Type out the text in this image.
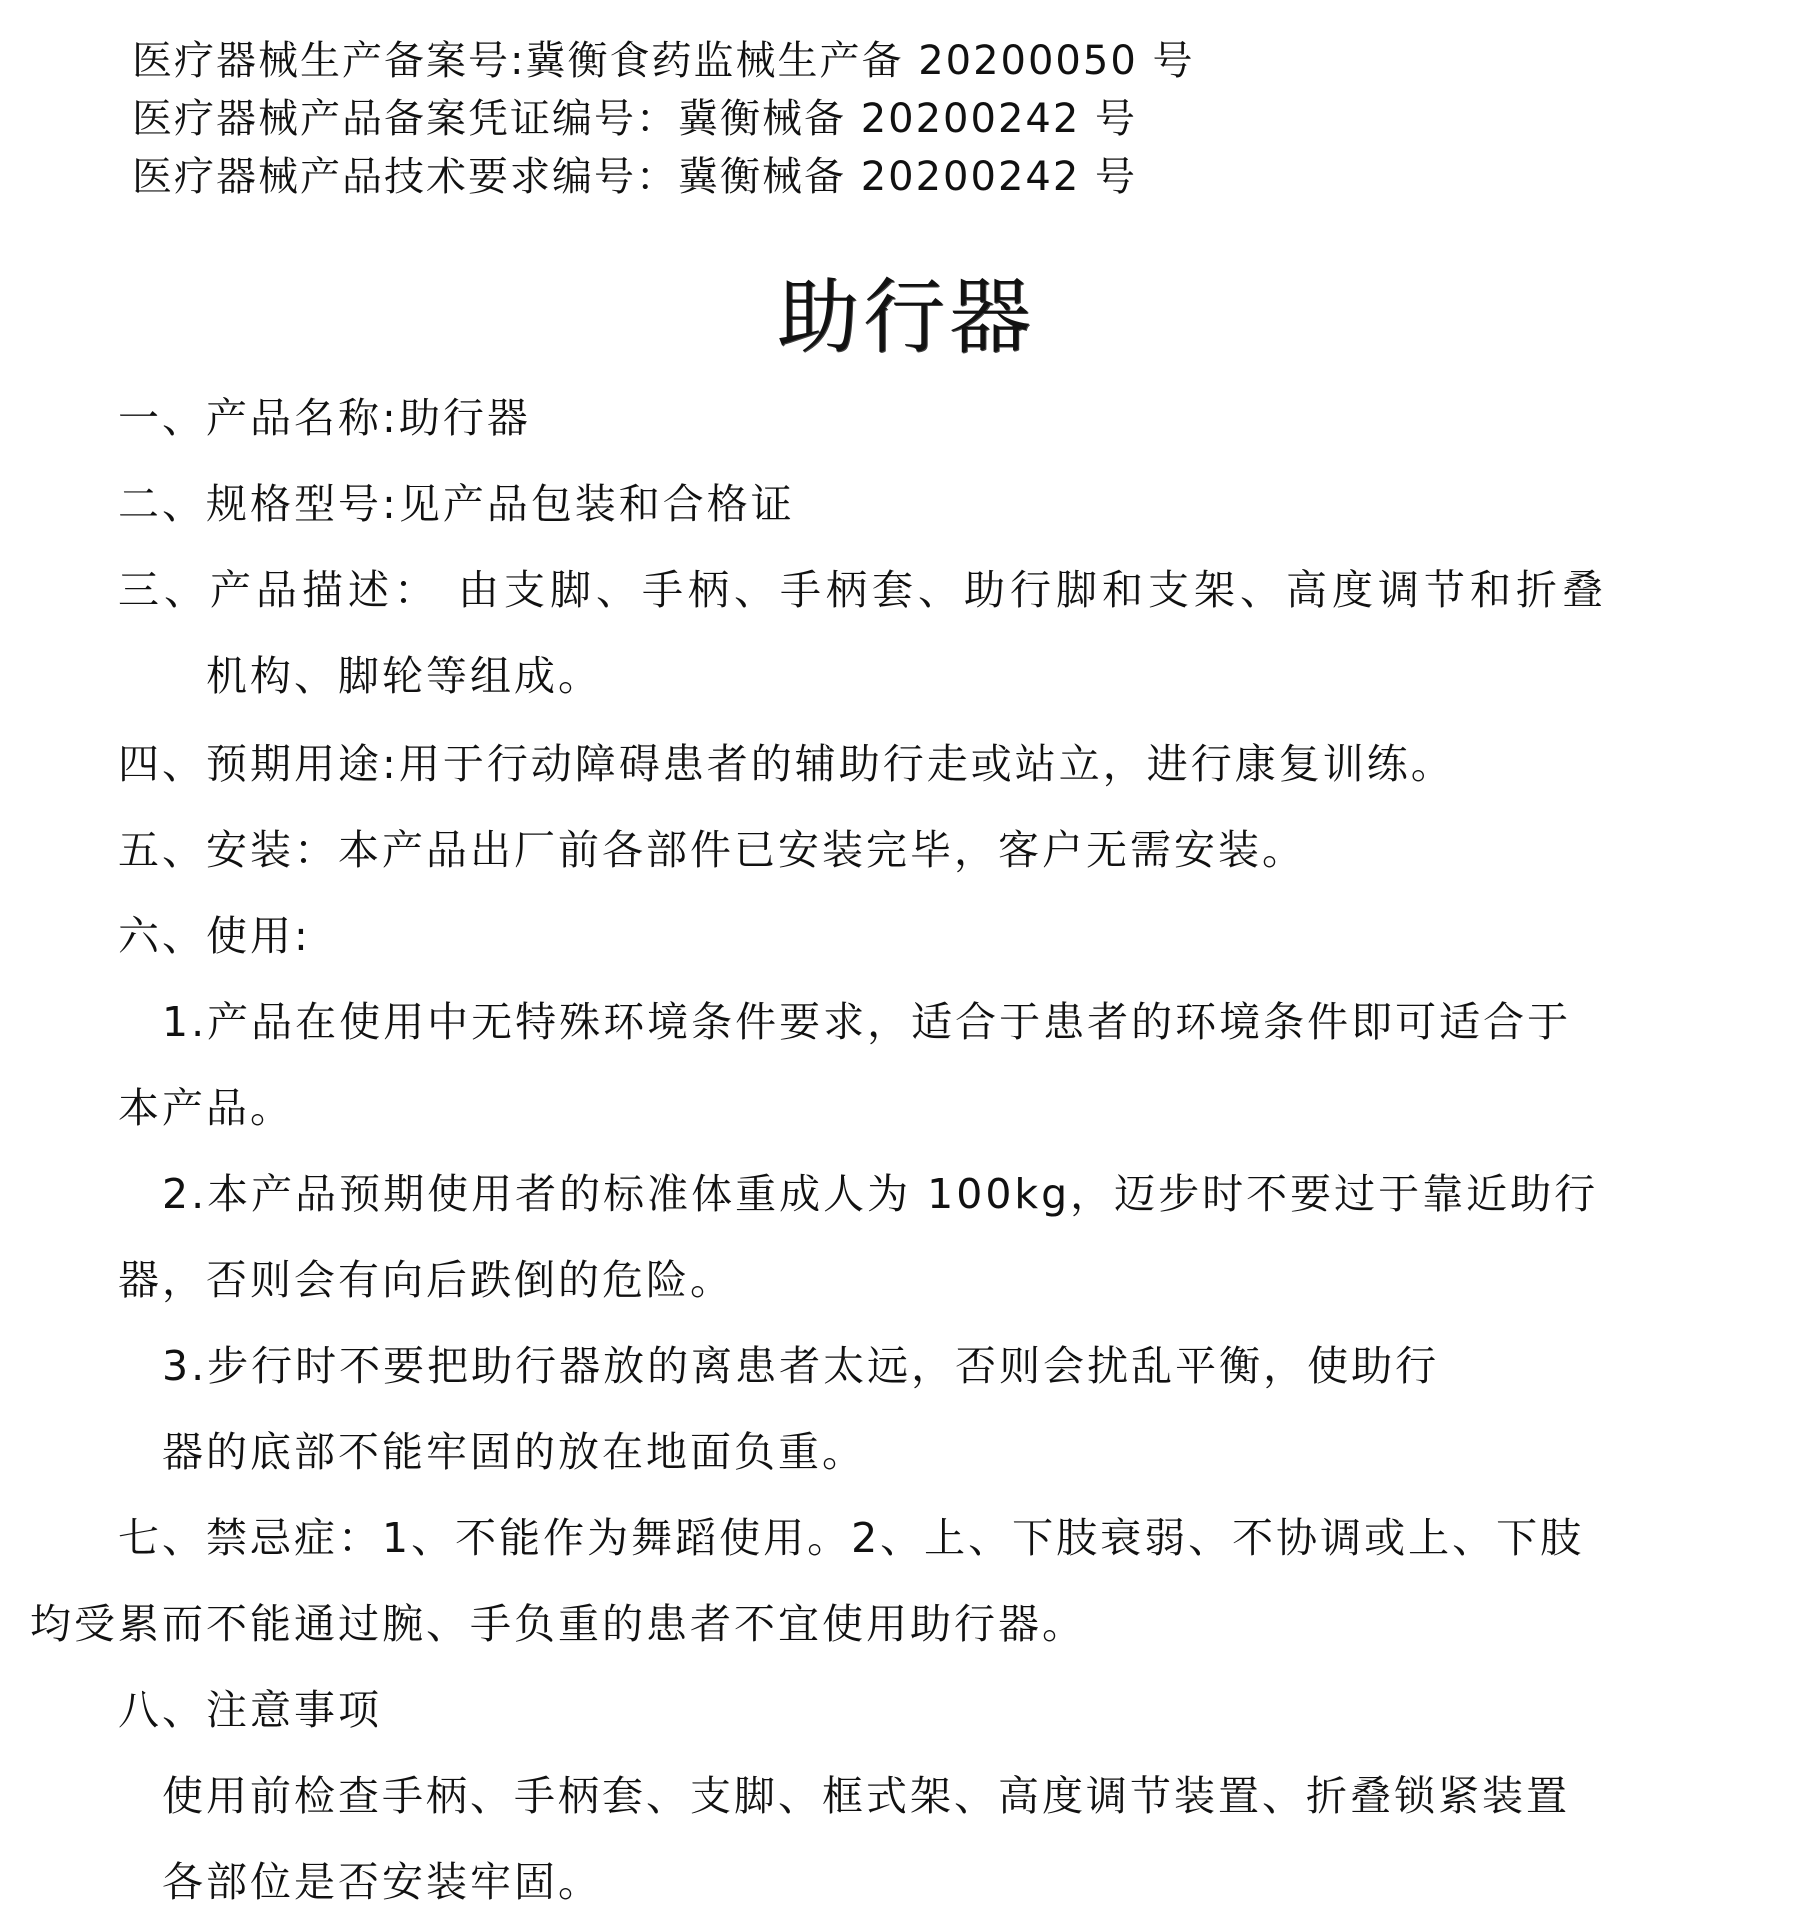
医疗器械生产备案号:冀衡食药监械生产备 20200050 号
医疗器械产品备案凭证编号：冀衡械备 20200242 号
医疗器械产品技术要求编号：冀衡械备 20200242 号
助行器
一、产品名称:助行器
二、规格型号:见产品包装和合格证
三、产品描述： 由支脚、手柄、手柄套、助行脚和支架、高度调节和折叠
机构、脚轮等组成。
四、预期用途:用于行动障碍患者的辅助行走或站立，进行康复训练。
五、安装：本产品出厂前各部件已安装完毕，客户无需安装。
六、使用:
1.产品在使用中无特殊环境条件要求，适合于患者的环境条件即可适合于
本产品。
2.本产品预期使用者的标准体重成人为 100kg，迈步时不要过于靠近助行
器，否则会有向后跌倒的危险。
3.步行时不要把助行器放的离患者太远，否则会扰乱平衡，使助行
器的底部不能牢固的放在地面负重。
七、禁忌症：1、不能作为舞蹈使用。2、上、下肢衰弱、不协调或上、下肢
均受累而不能通过腕、手负重的患者不宜使用助行器。
八、注意事项
使用前检查手柄、手柄套、支脚、框式架、高度调节装置、折叠锁紧装置
各部位是否安装牢固。
